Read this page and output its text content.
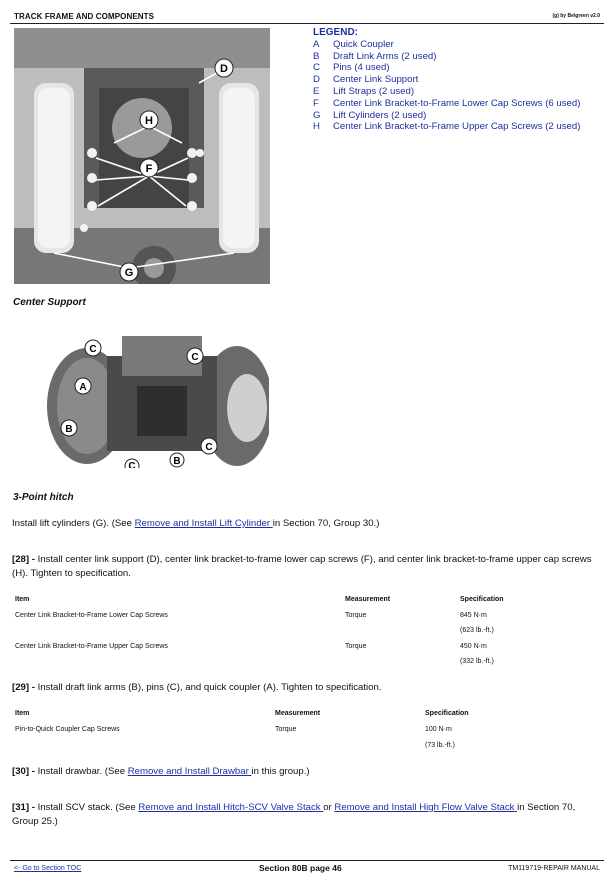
TRACK FRAME AND COMPONENTS	(g) by Belgreen v2.0
D
H
F
G
LEGEND:
A	Quick Coupler
B	Draft Link Arms (2 used)
C	Pins (4 used)
D	Center Link Support
E	Lift Straps (2 used)
F	Center Link Bracket-to-Frame Lower Cap Screws (6 used)
G	Lift Cylinders (2 used)
H	Center Link Bracket-to-Frame Upper Cap Screws (2 used)
Center Support
C
C
A
B
C
B
C
3-Point hitch
Install lift cylinders (G). (See Remove and Install Lift Cylinder in Section 70, Group 30.)
[28] - Install center link support (D), center link bracket-to-frame lower cap screws (F), and center link bracket-to-frame upper cap screws (H). Tighten to specification.
Item	Measurement	Specification
Center Link Bracket-to-Frame Lower Cap Screws	Torque	845 N·m
(623 lb.-ft.)
Center Link Bracket-to-Frame Upper Cap Screws	Torque	450 N·m
(332 lb.-ft.)
[29] - Install draft link arms (B), pins (C), and quick coupler (A). Tighten to specification.
Item	Measurement	Specification
Pin-to-Quick Coupler Cap Screws	Torque	100 N·m
(73 lb.-ft.)
[30] - Install drawbar. (See Remove and Install Drawbar in this group.)
[31] - Install SCV stack. (See Remove and Install Hitch-SCV Valve Stack or Remove and Install High Flow Valve Stack in Section 70, Group 25.)
<- Go to Section TOC	Section 80B page 46	TM119719-REPAIR MANUAL
